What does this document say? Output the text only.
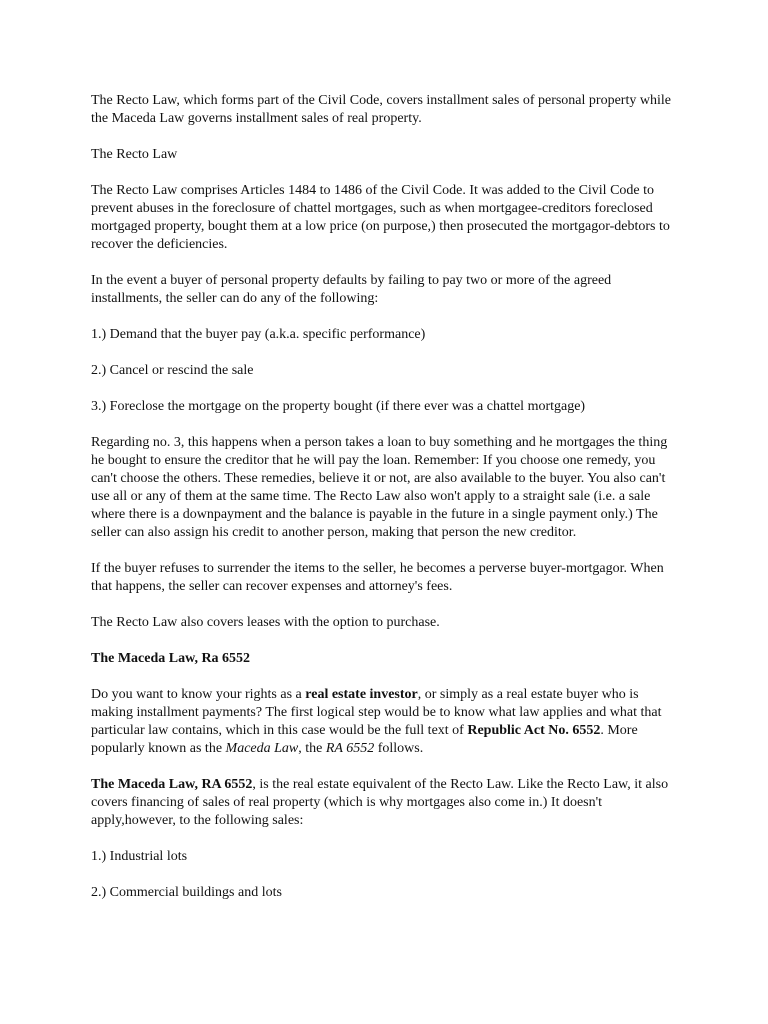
The Recto Law, which forms part of the Civil Code, covers installment sales of personal property while the Maceda Law governs installment sales of real property.

The Recto Law

The Recto Law comprises Articles 1484 to 1486 of the Civil Code. It was added to the Civil Code to prevent abuses in the foreclosure of chattel mortgages, such as when mortgagee-creditors foreclosed mortgaged property, bought them at a low price (on purpose,) then prosecuted the mortgagor-debtors to recover the deficiencies.

In the event a buyer of personal property defaults by failing to pay two or more of the agreed installments, the seller can do any of the following:

1.) Demand that the buyer pay (a.k.a. specific performance)

2.) Cancel or rescind the sale

3.) Foreclose the mortgage on the property bought (if there ever was a chattel mortgage)

Regarding no. 3, this happens when a person takes a loan to buy something and he mortgages the thing he bought to ensure the creditor that he will pay the loan. Remember: If you choose one remedy, you can't choose the others. These remedies, believe it or not, are also available to the buyer. You also can't use all or any of them at the same time. The Recto Law also won't apply to a straight sale (i.e. a sale where there is a downpayment and the balance is payable in the future in a single payment only.) The seller can also assign his credit to another person, making that person the new creditor.

If the buyer refuses to surrender the items to the seller, he becomes a perverse buyer-mortgagor. When that happens, the seller can recover expenses and attorney's fees.

The Recto Law also covers leases with the option to purchase.

The Maceda Law, Ra 6552

Do you want to know your rights as a real estate investor, or simply as a real estate buyer who is making installment payments? The first logical step would be to know what law applies and what that particular law contains, which in this case would be the full text of Republic Act No. 6552. More popularly known as the Maceda Law, the RA 6552 follows.

The Maceda Law, RA 6552, is the real estate equivalent of the Recto Law. Like the Recto Law, it also covers financing of sales of real property (which is why mortgages also come in.) It doesn't apply,however, to the following sales:

1.) Industrial lots

2.) Commercial buildings and lots
